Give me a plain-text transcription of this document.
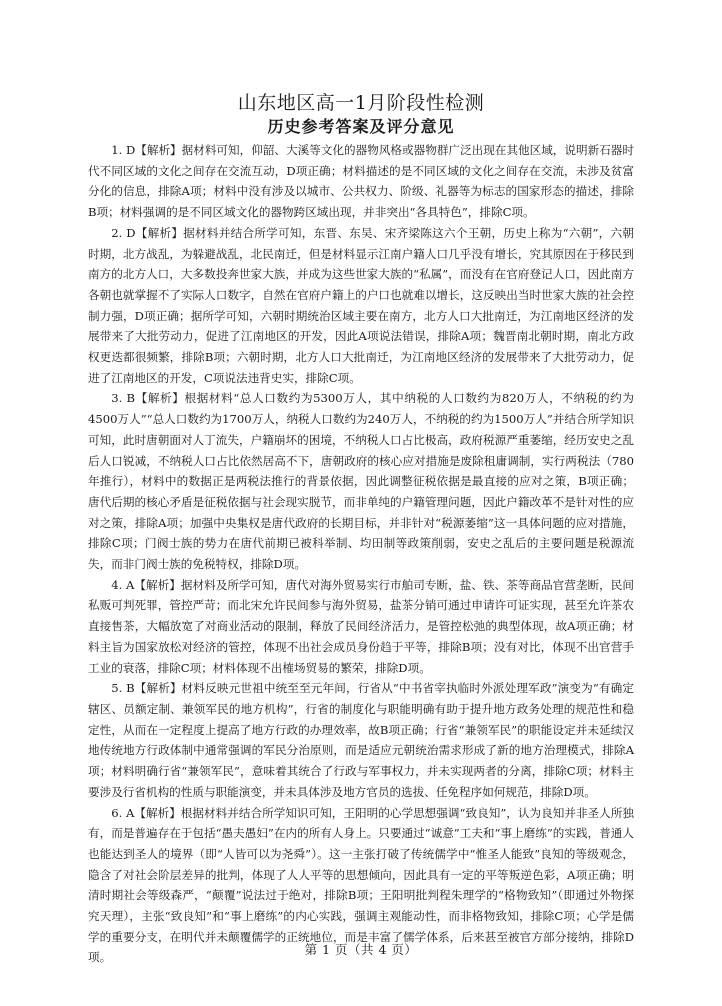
山东地区高一1月阶段性检测
历史参考答案及评分意见

1. D【解析】据材料可知，仰韶、大溪等文化的器物风格或器物群广泛出现在其他区域，说明新石器时代不同区域的文化之间存在交流互动，D项正确；材料描述的是不同区域的文化之间存在交流，未涉及贫富分化的信息，排除A项；材料中没有涉及以城市、公共权力、阶级、礼器等为标志的国家形态的描述，排除B项；材料强调的是不同区域文化的器物跨区域出现，并非突出“各具特色”，排除C项。

2. D【解析】据材料并结合所学可知，东晋、东吴、宋齐梁陈这六个王朝，历史上称为“六朝”，六朝时期，北方战乱，为躲避战乱，北民南迁，但是材料显示江南户籍人口几乎没有增长，究其原因在于移民到南方的北方人口，大多数投奔世家大族，并成为这些世家大族的“私属”，而没有在官府登记人口，因此南方各朝也就掌握不了实际人口数字，自然在官府户籍上的户口也就难以增长，这反映出当时世家大族的社会控制力强，D项正确；据所学可知，六朝时期统治区域主要在南方，北方人口大批南迁，为江南地区经济的发展带来了大批劳动力，促进了江南地区的开发，因此A项说法错误，排除A项；魏晋南北朝时期，南北方政权更迭都很频繁，排除B项；六朝时期，北方人口大批南迁，为江南地区经济的发展带来了大批劳动力，促进了江南地区的开发，C项说法违背史实，排除C项。

3. B【解析】根据材料“总人口数约为5300万人，其中纳税的人口数约为820万人，不纳税的约为4500万人”“总人口数约为1700万人，纳税人口数约为240万人，不纳税的约为1500万人”并结合所学知识可知，此时唐朝面对人丁流失，户籍崩坏的困境，不纳税人口占比极高，政府税源严重萎缩，经历安史之乱后人口锐减，不纳税人口占比依然居高不下，唐朝政府的核心应对措施是废除租庸调制，实行两税法（780年推行），材料中的数据正是两税法推行的背景依据，因此调整征税依据是最直接的应对之策，B项正确；唐代后期的核心矛盾是征税依据与社会现实脱节，而非单纯的户籍管理问题，因此户籍改革不是针对性的应对之策，排除A项；加强中央集权是唐代政府的长期目标，并非针对“税源萎缩”这一具体问题的应对措施，排除C项；门阀士族的势力在唐代前期已被科举制、均田制等政策削弱，安史之乱后的主要问题是税源流失，而非门阀士族的免税特权，排除D项。

4. A【解析】据材料及所学可知，唐代对海外贸易实行市舶司专断，盐、铁、茶等商品官营垄断，民间私贩可判死罪，管控严苛；而北宋允许民间参与海外贸易，盐茶分销可通过申请许可证实现，甚至允许茶农直接售茶，大幅放宽了对商业活动的限制，释放了民间经济活力，是管控松弛的典型体现，故A项正确；材料主旨为国家放松对经济的管控，体现不出社会成员身份趋于平等，排除B项；没有对比，体现不出官营手工业的衰落，排除C项；材料体现不出榷场贸易的繁荣，排除D项。

5. B【解析】材料反映元世祖中统至至元年间，行省从“中书省宰执临时外派处理军政”演变为“有确定辖区、员额定制、兼领军民的地方机构”，行省的制度化与职能明确有助于提升地方政务处理的规范性和稳定性，从而在一定程度上提高了地方行政的办理效率，故B项正确；行省“兼领军民”的职能设定并未延续汉地传统地方行政体制中通常强调的军民分治原则，而是适应元朝统治需求形成了新的地方治理模式，排除A项；材料明确行省“兼领军民”，意味着其统合了行政与军事权力，并未实现两者的分离，排除C项；材料主要涉及行省机构的性质与职能演变，并未具体涉及地方官员的选拔、任免程序如何规范，排除D项。

6. A【解析】根据材料并结合所学知识可知，王阳明的心学思想强调“致良知”，认为良知并非圣人所独有，而是普遍存在于包括“愚夫愚妇”在内的所有人身上。只要通过“诚意”工夫和“事上磨练”的实践，普通人也能达到圣人的境界（即“人皆可以为尧舜”）。这一主张打破了传统儒学中“惟圣人能致”良知的等级观念，隐含了对社会阶层差异的批判，体现了人人平等的思想倾向，因此具有一定的平等叛逆色彩，A项正确；明清时期社会等级森严，“颠覆”说法过于绝对，排除B项；王阳明批判程朱理学的“格物致知”（即通过外物探究天理），主张“致良知”和“事上磨练”的内心实践，强调主观能动性，而非格物致知，排除C项；心学是儒学的重要分支，在明代并未颠覆儒学的正统地位，而是丰富了儒学体系，后来甚至被官方部分接纳，排除D项。

第 1 页（共 4 页）
